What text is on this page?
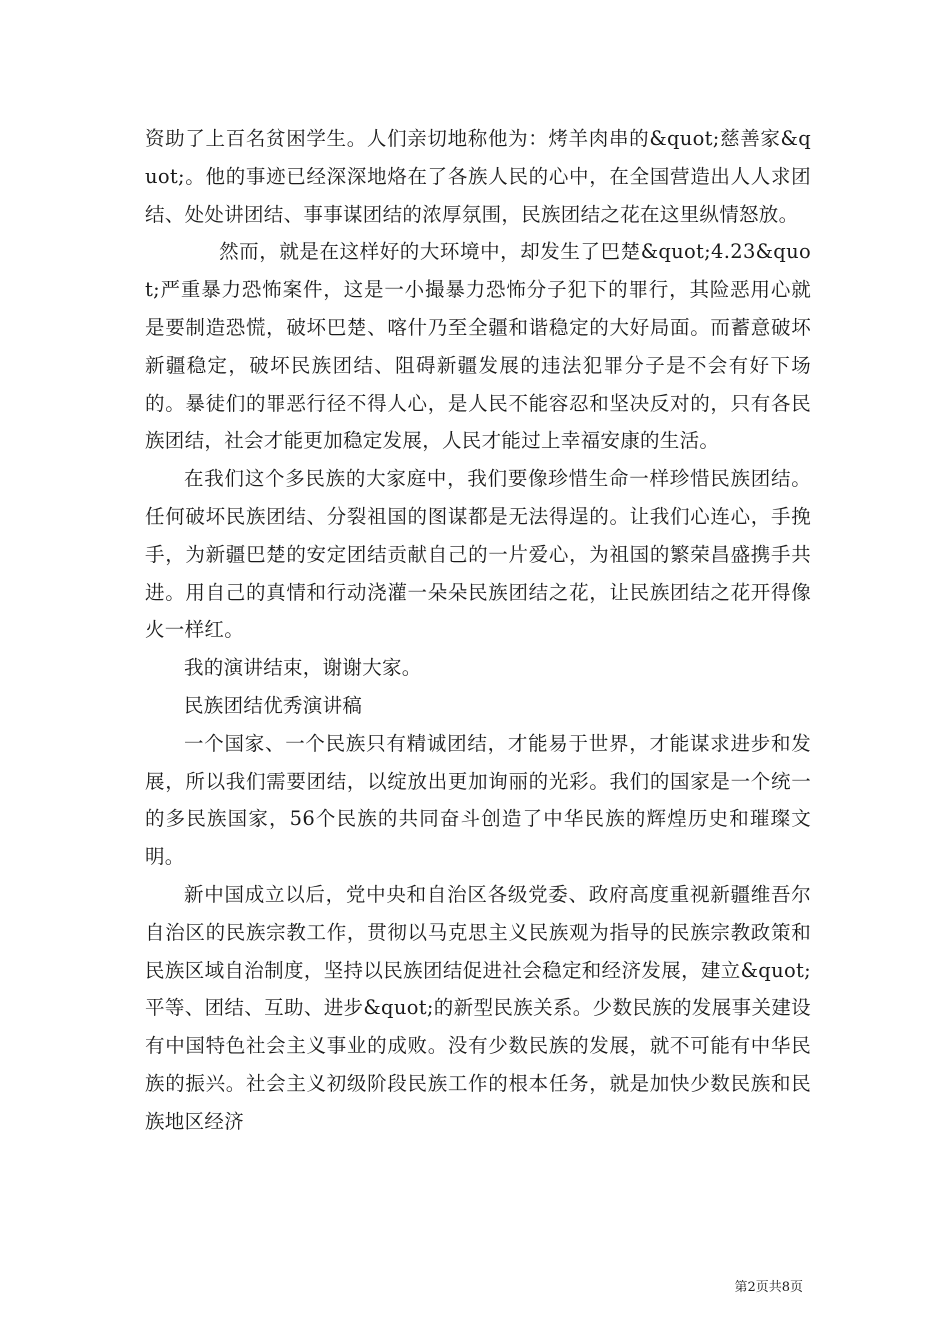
资助了上百名贫困学生。人们亲切地称他为：烤羊肉串的&quot;慈善家&quot;。他的事迹已经深深地烙在了各族人民的心中，在全国营造出人人求团结、处处讲团结、事事谋团结的浓厚氛围，民族团结之花在这里纵情怒放。

然而，就是在这样好的大环境中，却发生了巴楚&quot;4.23&quot;严重暴力恐怖案件，这是一小撮暴力恐怖分子犯下的罪行，其险恶用心就是要制造恐慌，破坏巴楚、喀什乃至全疆和谐稳定的大好局面。而蓄意破坏新疆稳定，破坏民族团结、阻碍新疆发展的违法犯罪分子是不会有好下场的。暴徒们的罪恶行径不得人心，是人民不能容忍和坚决反对的，只有各民族团结，社会才能更加稳定发展，人民才能过上幸福安康的生活。

在我们这个多民族的大家庭中，我们要像珍惜生命一样珍惜民族团结。任何破坏民族团结、分裂祖国的图谋都是无法得逞的。让我们心连心，手挽手，为新疆巴楚的安定团结贡献自己的一片爱心，为祖国的繁荣昌盛携手共进。用自己的真情和行动浇灌一朵朵民族团结之花，让民族团结之花开得像火一样红。

我的演讲结束，谢谢大家。

民族团结优秀演讲稿

一个国家、一个民族只有精诚团结，才能易于世界，才能谋求进步和发展，所以我们需要团结，以绽放出更加询丽的光彩。我们的国家是一个统一的多民族国家，56个民族的共同奋斗创造了中华民族的辉煌历史和璀璨文明。

新中国成立以后，党中央和自治区各级党委、政府高度重视新疆维吾尔自治区的民族宗教工作，贯彻以马克思主义民族观为指导的民族宗教政策和民族区域自治制度，坚持以民族团结促进社会稳定和经济发展，建立&quot;平等、团结、互助、进步&quot;的新型民族关系。少数民族的发展事关建设有中国特色社会主义事业的成败。没有少数民族的发展，就不可能有中华民族的振兴。社会主义初级阶段民族工作的根本任务，就是加快少数民族和民族地区经济

第2页共8页
